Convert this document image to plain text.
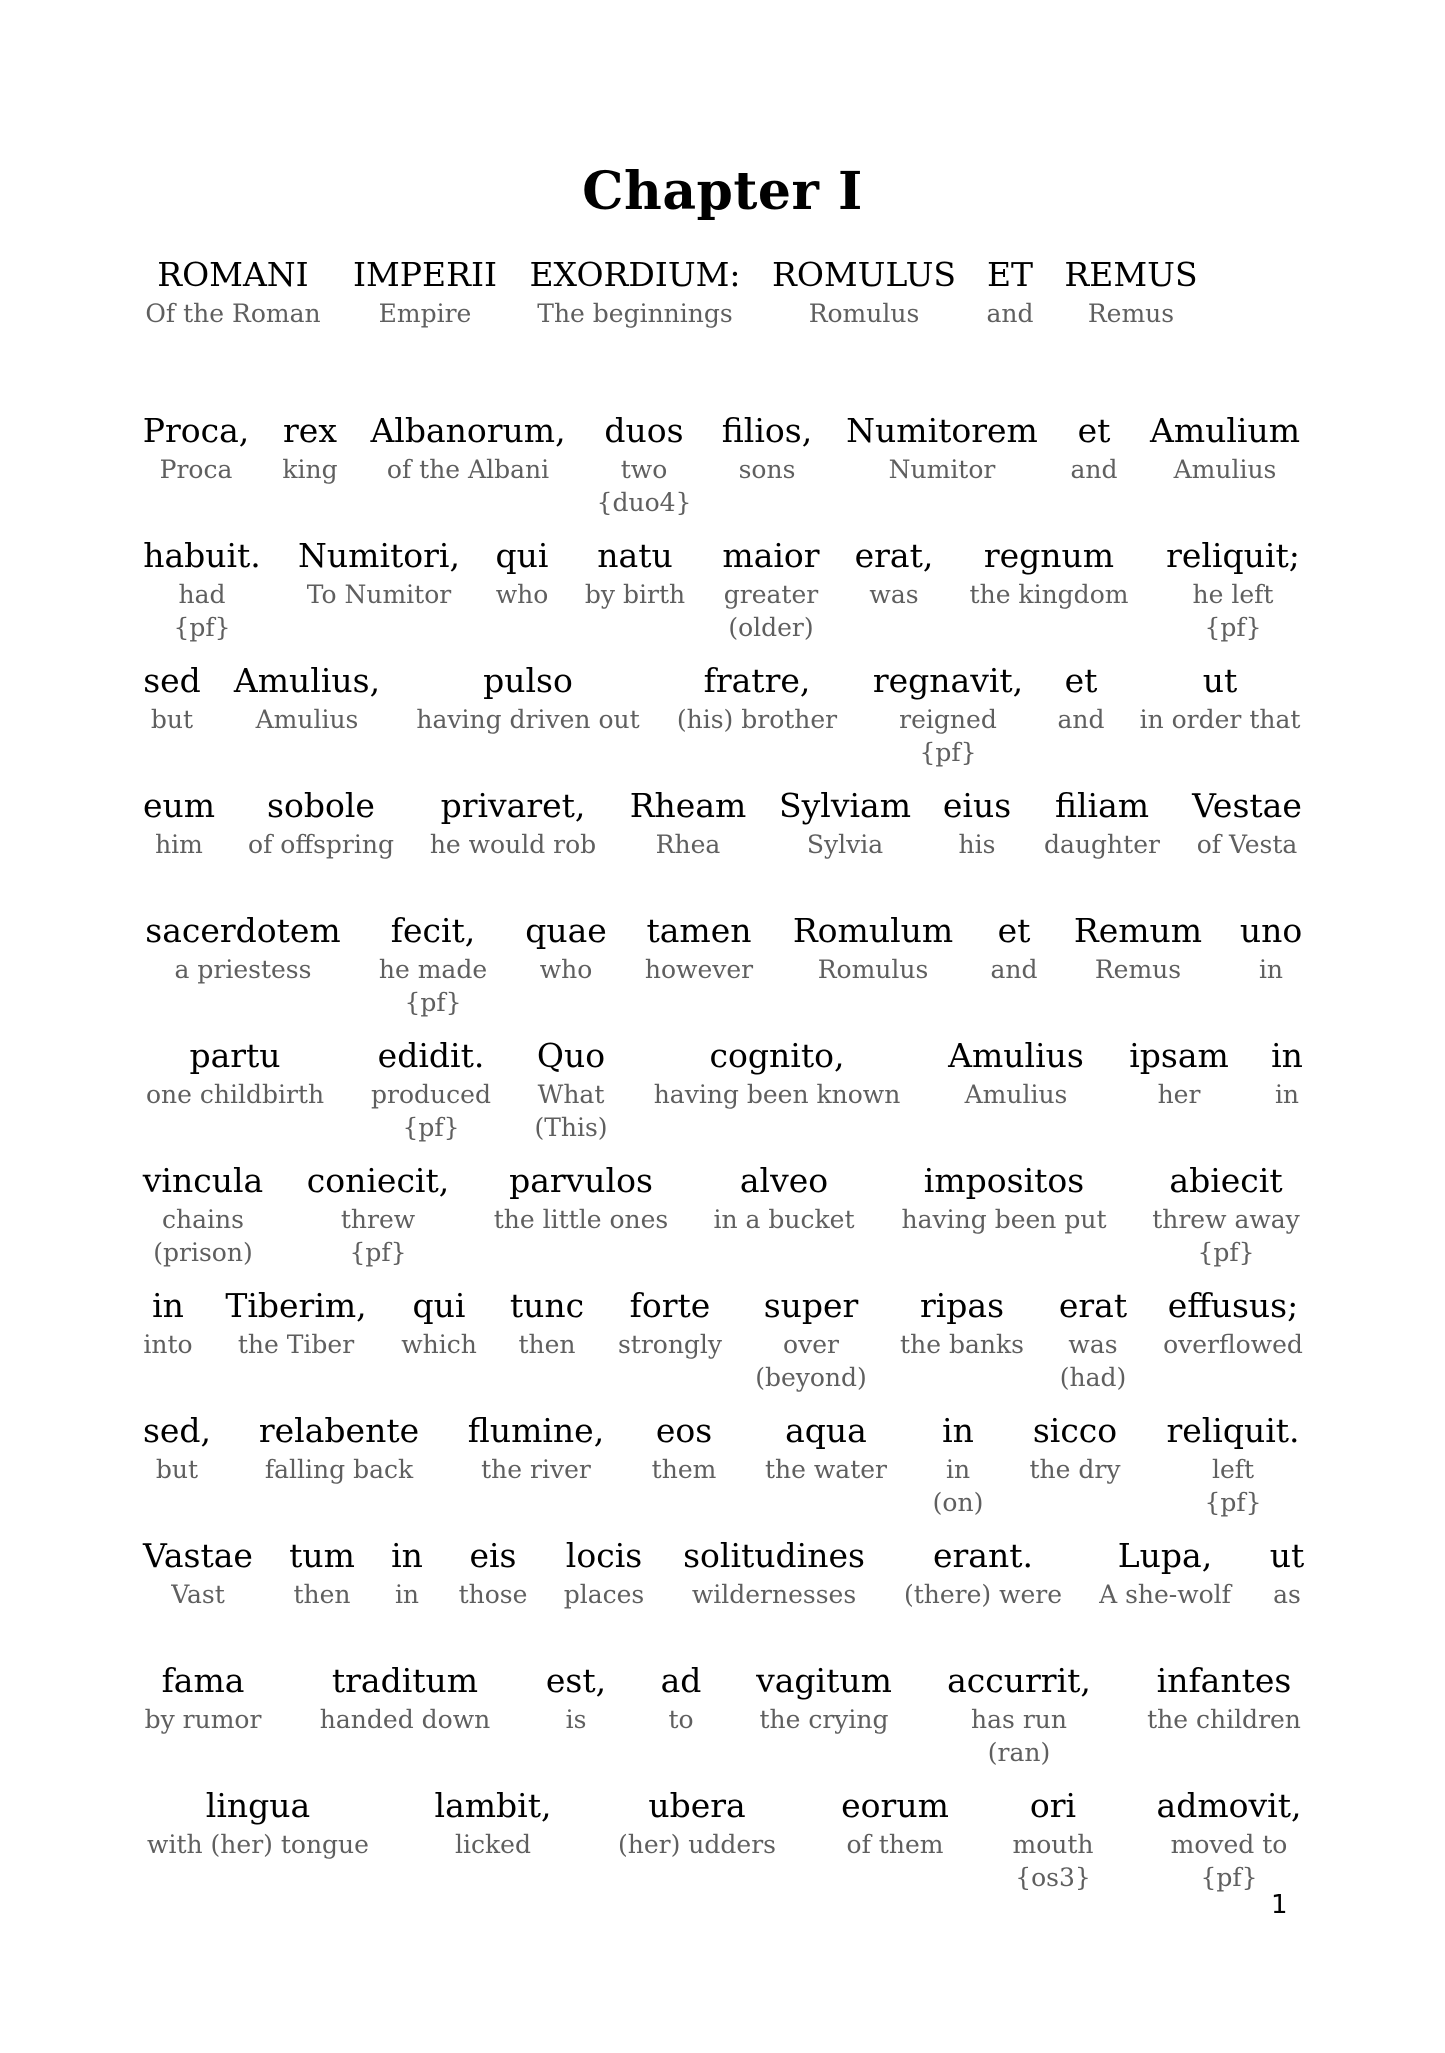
Chapter I
ROMANI
Of the Roman
IMPERII
Empire
EXORDIUM:
The beginnings
ROMULUS
Romulus
ET
and
REMUS
Remus
Proca,
Proca
rex
king
Albanorum,
of the Albani
duos
two
{duo4}
filios,
sons
Numitorem
Numitor
et
and
Amulium
Amulius
habuit.
had
{pf}
Numitori,
To Numitor
qui
who
natu
by birth
maior
greater
(older)
erat,
was
regnum
the kingdom
reliquit;
he left
{pf}
sed
but
Amulius,
Amulius
pulso
having driven out
fratre,
(his) brother
regnavit,
reigned
{pf}
et
and
ut
in order that
eum
him
sobole
of offspring
privaret,
he would rob
Rheam
Rhea
Sylviam
Sylvia
eius
his
filiam
daughter
Vestae
of Vesta
sacerdotem
a priestess
fecit,
he made
{pf}
quae
who
tamen
however
Romulum
Romulus
et
and
Remum
Remus
uno
in
partu
one childbirth
edidit.
produced
{pf}
Quo
What
(This)
cognito,
having been known
Amulius
Amulius
ipsam
her
in
in
vincula
chains
(prison)
coniecit,
threw
{pf}
parvulos
the little ones
alveo
in a bucket
impositos
having been put
abiecit
threw away
{pf}
in
into
Tiberim,
the Tiber
qui
which
tunc
then
forte
strongly
super
over
(beyond)
ripas
the banks
erat
was
(had)
effusus;
overflowed
sed,
but
relabente
falling back
flumine,
the river
eos
them
aqua
the water
in
in
(on)
sicco
the dry
reliquit.
left
{pf}
Vastae
Vast
tum
then
in
in
eis
those
locis
places
solitudines
wildernesses
erant.
(there) were
Lupa,
A she-wolf
ut
as
fama
by rumor
traditum
handed down
est,
is
ad
to
vagitum
the crying
accurrit,
has run
(ran)
infantes
the children
lingua
with (her) tongue
lambit,
licked
ubera
(her) udders
eorum
of them
ori
mouth
{os3}
admovit,
moved to
{pf}
1
